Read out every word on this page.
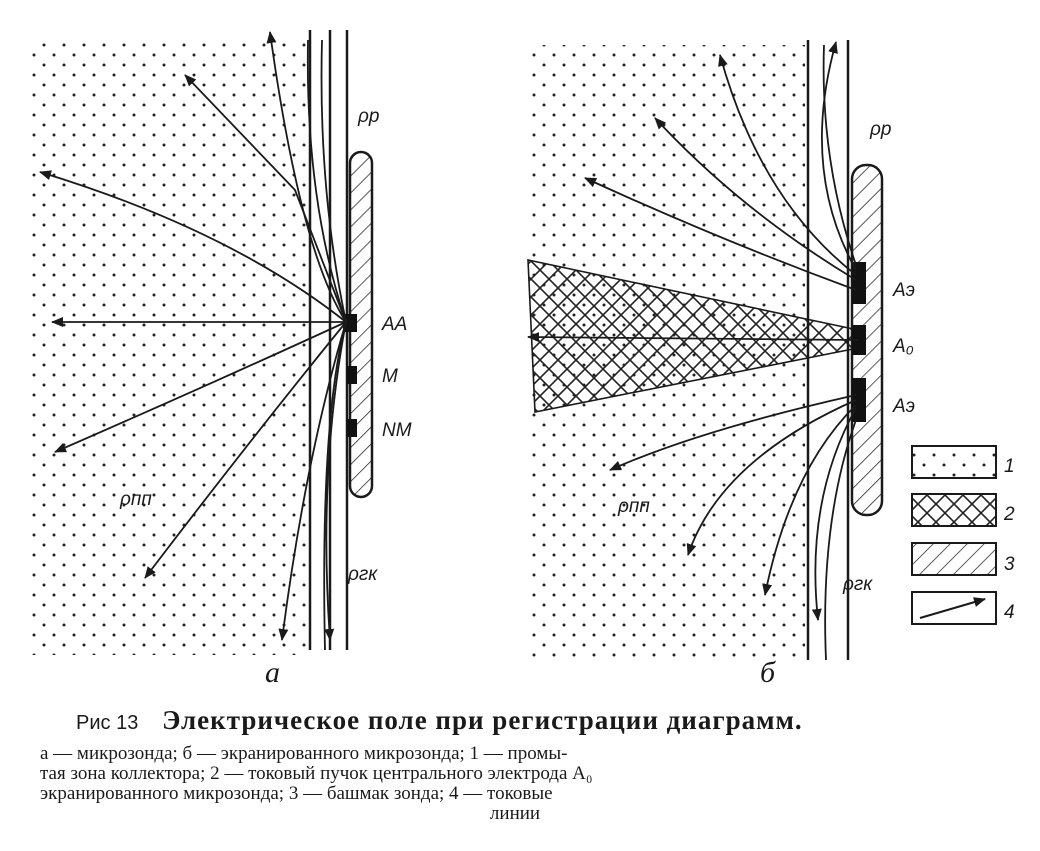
ρр
ρпп
ρгк
AA
M
NM
а
ρр
ρпп
ρгк
Aэ
A₀
Aэ
б
1
2
3
4
Рис 13 Электрическое поле при регистрации диаграмм.
а — микрозонда; б — экранированного микрозонда; 1 — промы-
тая зона коллектора; 2 — токовый пучок центрального электрода A₀
экранированного микрозонда; 3 — башмак зонда; 4 — токовые

линии
